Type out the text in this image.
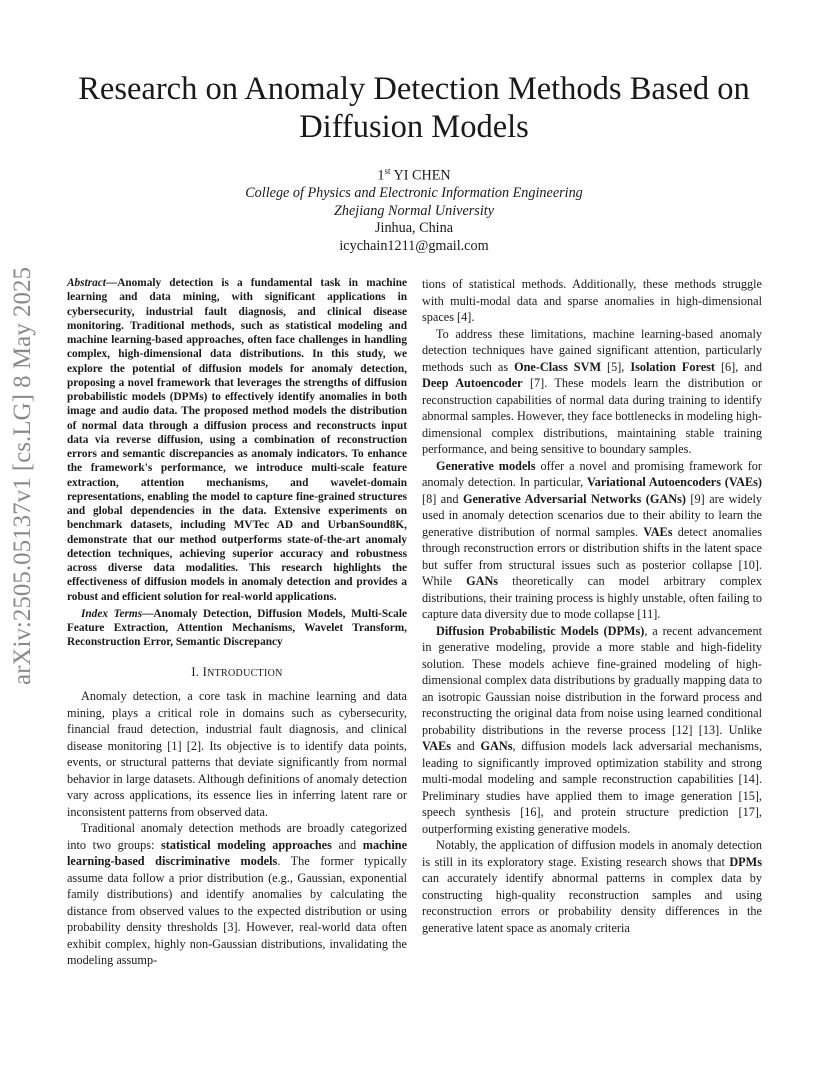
arXiv:2505.05137v1 [cs.LG] 8 May 2025
Research on Anomaly Detection Methods Based on Diffusion Models
1st YI CHEN
College of Physics and Electronic Information Engineering
Zhejiang Normal University
Jinhua, China
icychain1211@gmail.com

Abstract—Anomaly detection is a fundamental task in machine learning and data mining, with significant applications in cybersecurity, industrial fault diagnosis, and clinical disease monitoring. Traditional methods, such as statistical modeling and machine learning-based approaches, often face challenges in handling complex, high-dimensional data distributions. In this study, we explore the potential of diffusion models for anomaly detection, proposing a novel framework that leverages the strengths of diffusion probabilistic models (DPMs) to effectively identify anomalies in both image and audio data. The proposed method models the distribution of normal data through a diffusion process and reconstructs input data via reverse diffusion, using a combination of reconstruction errors and semantic discrepancies as anomaly indicators. To enhance the framework's performance, we introduce multi-scale feature extraction, attention mechanisms, and wavelet-domain representations, enabling the model to capture fine-grained structures and global dependencies in the data. Extensive experiments on benchmark datasets, including MVTec AD and UrbanSound8K, demonstrate that our method outperforms state-of-the-art anomaly detection techniques, achieving superior accuracy and robustness across diverse data modalities. This research highlights the effectiveness of diffusion models in anomaly detection and provides a robust and efficient solution for real-world applications.

Index Terms—Anomaly Detection, Diffusion Models, Multi-Scale Feature Extraction, Attention Mechanisms, Wavelet Transform, Reconstruction Error, Semantic Discrepancy

I. INTRODUCTION

Anomaly detection, a core task in machine learning and data mining, plays a critical role in domains such as cybersecurity, financial fraud detection, industrial fault diagnosis, and clinical disease monitoring [1] [2]. Its objective is to identify data points, events, or structural patterns that deviate significantly from normal behavior in large datasets. Although definitions of anomaly detection vary across applications, its essence lies in inferring latent rare or inconsistent patterns from observed data.

Traditional anomaly detection methods are broadly categorized into two groups: statistical modeling approaches and machine learning-based discriminative models. The former typically assume data follow a prior distribution (e.g., Gaussian, exponential family distributions) and identify anomalies by calculating the distance from observed values to the expected distribution or using probability density thresholds [3]. However, real-world data often exhibit complex, highly non-Gaussian distributions, invalidating the modeling assump-

tions of statistical methods. Additionally, these methods struggle with multi-modal data and sparse anomalies in high-dimensional spaces [4].

To address these limitations, machine learning-based anomaly detection techniques have gained significant attention, particularly methods such as One-Class SVM [5], Isolation Forest [6], and Deep Autoencoder [7]. These models learn the distribution or reconstruction capabilities of normal data during training to identify abnormal samples. However, they face bottlenecks in modeling high-dimensional complex distributions, maintaining stable training performance, and being sensitive to boundary samples.

Generative models offer a novel and promising framework for anomaly detection. In particular, Variational Autoencoders (VAEs) [8] and Generative Adversarial Networks (GANs) [9] are widely used in anomaly detection scenarios due to their ability to learn the generative distribution of normal samples. VAEs detect anomalies through reconstruction errors or distribution shifts in the latent space but suffer from structural issues such as posterior collapse [10]. While GANs theoretically can model arbitrary complex distributions, their training process is highly unstable, often failing to capture data diversity due to mode collapse [11].

Diffusion Probabilistic Models (DPMs), a recent advancement in generative modeling, provide a more stable and high-fidelity solution. These models achieve fine-grained modeling of high-dimensional complex data distributions by gradually mapping data to an isotropic Gaussian noise distribution in the forward process and reconstructing the original data from noise using learned conditional probability distributions in the reverse process [12] [13]. Unlike VAEs and GANs, diffusion models lack adversarial mechanisms, leading to significantly improved optimization stability and strong multi-modal modeling and sample reconstruction capabilities [14]. Preliminary studies have applied them to image generation [15], speech synthesis [16], and protein structure prediction [17], outperforming existing generative models.

Notably, the application of diffusion models in anomaly detection is still in its exploratory stage. Existing research shows that DPMs can accurately identify abnormal patterns in complex data by constructing high-quality reconstruction samples and using reconstruction errors or probability density differences in the generative latent space as anomaly criteria
